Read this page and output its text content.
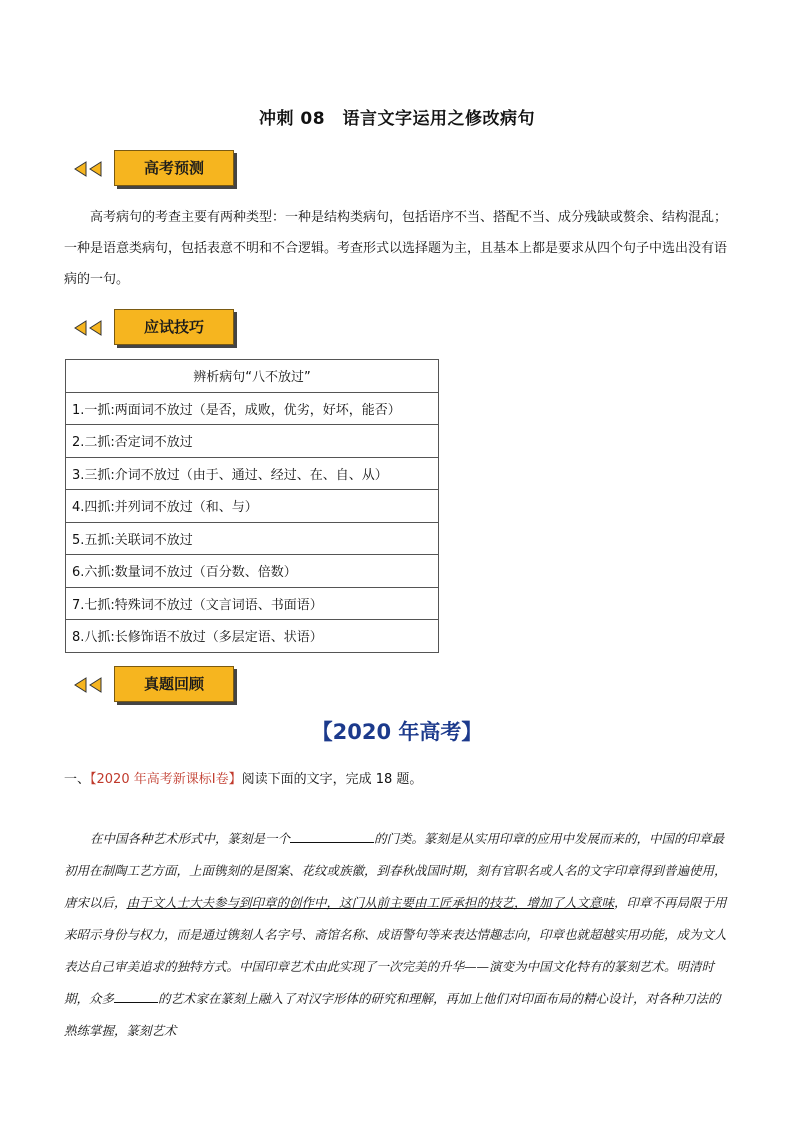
冲刺 08　语言文字运用之修改病句
高考预测
高考病句的考查主要有两种类型：一种是结构类病句，包括语序不当、搭配不当、成分残缺或赘余、结构混乱；一种是语意类病句，包括表意不明和不合逻辑。考查形式以选择题为主，且基本上都是要求从四个句子中选出没有语病的一句。
应试技巧
辨析病句“八不放过”
1.一抓:两面词不放过（是否，成败，优劣，好坏，能否）
2.二抓:否定词不放过
3.三抓:介词不放过（由于、通过、经过、在、自、从）
4.四抓:并列词不放过（和、与）
5.五抓:关联词不放过
6.六抓:数量词不放过（百分数、倍数）
7.七抓:特殊词不放过（文言词语、书面语）
8.八抓:长修饰语不放过（多层定语、状语）
真题回顾
【2020 年高考】
一、【2020 年高考新课标Ⅰ卷】阅读下面的文字，完成 18 题。
在中国各种艺术形式中，篆刻是一个	的门类。篆刻是从实用印章的应用中发展而来的，中国的印章最初用在制陶工艺方面，上面镌刻的是图案、花纹或族徽，到春秋战国时期，刻有官职名或人名的文字印章得到普遍使用，唐宋以后，由于文人士大夫参与到印章的创作中，这门从前主要由工匠承担的技艺，增加了人文意味，印章不再局限于用来昭示身份与权力，而是通过镌刻人名字号、斋馆名称、成语警句等来表达情趣志向，印章也就超越实用功能，成为文人表达自己审美追求的独特方式。中国印章艺术由此实现了一次完美的升华——演变为中国文化特有的篆刻艺术。明清时期，众多	的艺术家在篆刻上融入了对汉字形体的研究和理解，再加上他们对印面布局的精心设计，对各种刀法的熟练掌握，篆刻艺术
